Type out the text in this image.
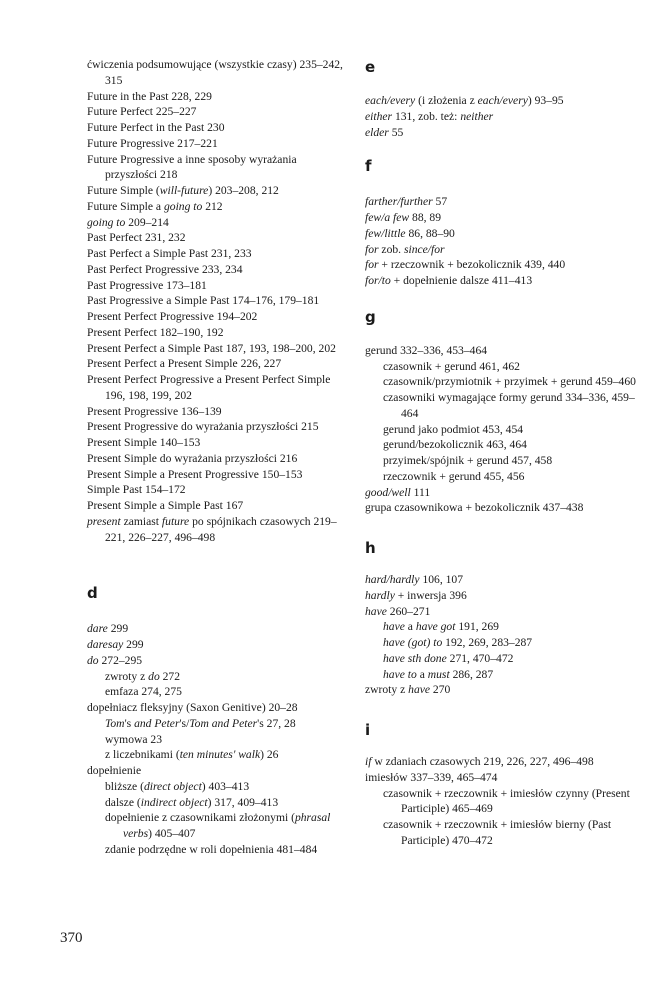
ćwiczenia podsumowujące (wszystkie czasy) 235–242, 315
Future in the Past 228, 229
Future Perfect 225–227
Future Perfect in the Past 230
Future Progressive 217–221
Future Progressive a inne sposoby wyrażania przyszłości 218
Future Simple (will-future) 203–208, 212
Future Simple a going to 212
going to 209–214
Past Perfect 231, 232
Past Perfect a Simple Past 231, 233
Past Perfect Progressive 233, 234
Past Progressive 173–181
Past Progressive a Simple Past 174–176, 179–181
Present Perfect Progressive 194–202
Present Perfect 182–190, 192
Present Perfect a Simple Past 187, 193, 198–200, 202
Present Perfect a Present Simple 226, 227
Present Perfect Progressive a Present Perfect Simple 196, 198, 199, 202
Present Progressive 136–139
Present Progressive do wyrażania przyszłości 215
Present Simple 140–153
Present Simple do wyrażania przyszłości 216
Present Simple a Present Progressive 150–153
Simple Past 154–172
Present Simple a Simple Past 167
present zamiast future po spójnikach czasowych 219–221, 226–227, 496–498
d
dare 299
daresay 299
do 272–295
zwroty z do 272
emfaza 274, 275
dopełniacz fleksyjny (Saxon Genitive) 20–28
Tom's and Peter's/Tom and Peter's 27, 28
wymowa 23
z liczebnikami (ten minutes' walk) 26
dopełnienie
bliższe (direct object) 403–413
dalsze (indirect object) 317, 409–413
dopełnienie z czasownikami złożonymi (phrasal verbs) 405–407
zdanie podrzędne w roli dopełnienia 481–484
e
each/every (i złożenia z each/every) 93–95
either 131, zob. też: neither
elder 55
f
farther/further 57
few/a few 88, 89
few/little 86, 88–90
for zob. since/for
for + rzeczownik + bezokolicznik 439, 440
for/to + dopełnienie dalsze 411–413
g
gerund 332–336, 453–464
czasownik + gerund 461, 462
czasownik/przymiotnik + przyimek + gerund 459–460
czasowniki wymagające formy gerund 334–336, 459–464
gerund jako podmiot 453, 454
gerund/bezokolicznik 463, 464
przyimek/spójnik + gerund 457, 458
rzeczownik + gerund 455, 456
good/well 111
grupa czasownikowa + bezokolicznik 437–438
h
hard/hardly 106, 107
hardly + inwersja 396
have 260–271
have a have got 191, 269
have (got) to 192, 269, 283–287
have sth done 271, 470–472
have to a must 286, 287
zwroty z have 270
i
if w zdaniach czasowych 219, 226, 227, 496–498
imiesłów 337–339, 465–474
czasownik + rzeczownik + imiesłów czynny (Present Participle) 465–469
czasownik + rzeczownik + imiesłów bierny (Past Participle) 470–472
370
